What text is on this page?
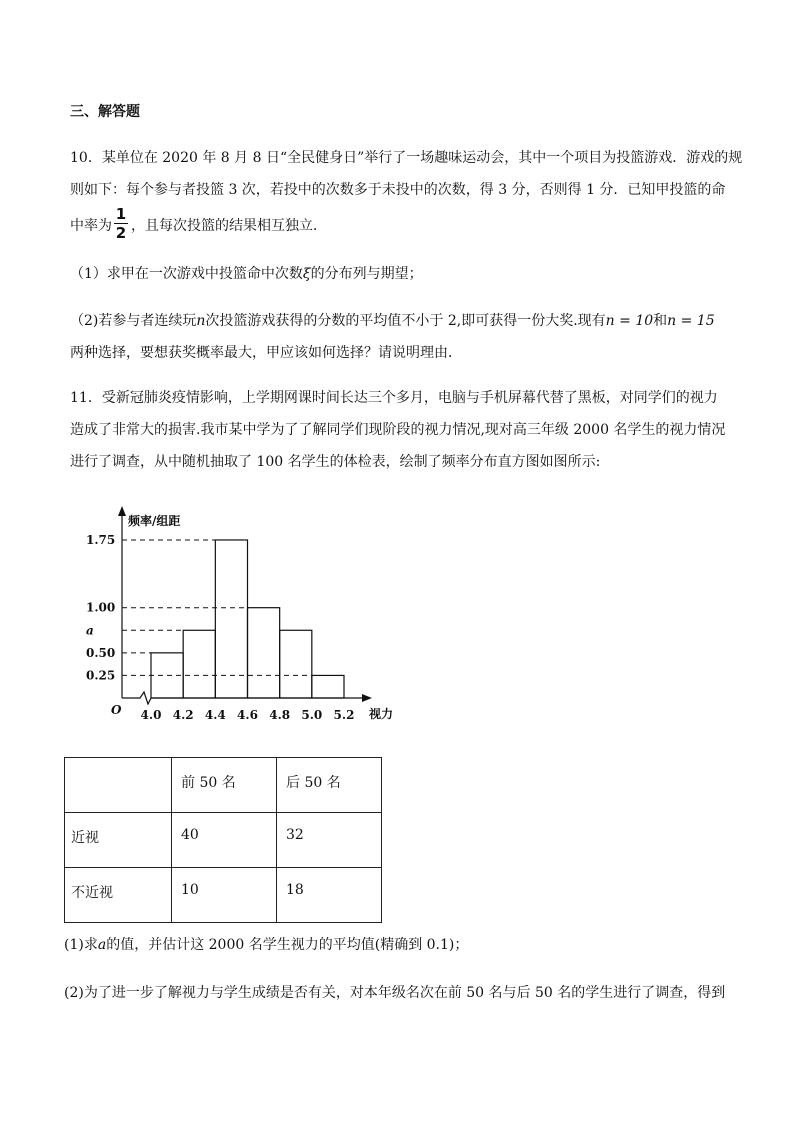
三、解答题
10．某单位在 2020 年 8 月 8 日“全民健身日”举行了一场趣味运动会，其中一个项目为投篮游戏．游戏的规
则如下：每个参与者投篮 3 次，若投中的次数多于未投中的次数，得 3 分，否则得 1 分．已知甲投篮的命
中率为
1
2 ，且每次投篮的结果相互独立．
（1）求甲在一次游戏中投篮命中次数ξ的分布列与期望；
（2)若参与者连续玩n次投篮游戏获得的分数的平均值不小于 2,即可获得一份大奖.现有n = 10和n = 15
两种选择，要想获奖概率最大，甲应该如何选择？请说明理由．
11．受新冠肺炎疫情影响，上学期网课时间长达三个多月，电脑与手机屏幕代替了黑板，对同学们的视力
造成了非常大的损害.我市某中学为了了解同学们现阶段的视力情况,现对高三年级 2000 名学生的视力情况
进行了调查，从中随机抽取了 100 名学生的体检表，绘制了频率分布直方图如图所示:
1.75
1.00
a
0.50
0.25
4.0 4.2 4.4 4.6 4.8 5.0 5.2
频率/组距
视力
O
	前 50 名	后 50 名
近视	40	32
不近视	10	18
(1)求a的值，并估计这 2000 名学生视力的平均值(精确到 0.1)；
(2)为了进一步了解视力与学生成绩是否有关，对本年级名次在前 50 名与后 50 名的学生进行了调查，得到
